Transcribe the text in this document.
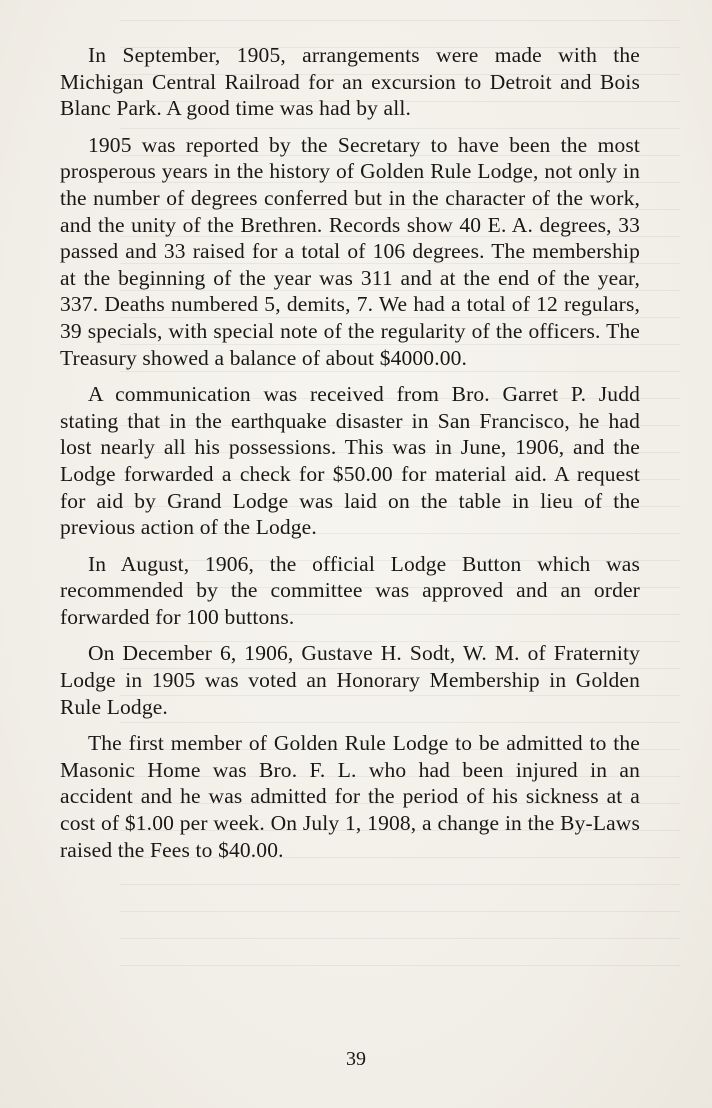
In September, 1905, arrangements were made with the Michigan Central Railroad for an excursion to Detroit and Bois Blanc Park. A good time was had by all.

1905 was reported by the Secretary to have been the most prosperous years in the history of Golden Rule Lodge, not only in the number of degrees conferred but in the character of the work, and the unity of the Brethren. Records show 40 E. A. degrees, 33 passed and 33 raised for a total of 106 degrees. The membership at the beginning of the year was 311 and at the end of the year, 337. Deaths numbered 5, demits, 7. We had a total of 12 regulars, 39 specials, with special note of the regularity of the officers. The Treasury showed a balance of about $4000.00.

A communication was received from Bro. Garret P. Judd stating that in the earthquake disaster in San Francisco, he had lost nearly all his possessions. This was in June, 1906, and the Lodge forwarded a check for $50.00 for material aid. A request for aid by Grand Lodge was laid on the table in lieu of the previous action of the Lodge.

In August, 1906, the official Lodge Button which was recommended by the committee was approved and an order forwarded for 100 buttons.

On December 6, 1906, Gustave H. Sodt, W. M. of Fraternity Lodge in 1905 was voted an Honorary Membership in Golden Rule Lodge.

The first member of Golden Rule Lodge to be admitted to the Masonic Home was Bro. F. L. who had been injured in an accident and he was admitted for the period of his sickness at a cost of $1.00 per week. On July 1, 1908, a change in the By-Laws raised the Fees to $40.00.

39
